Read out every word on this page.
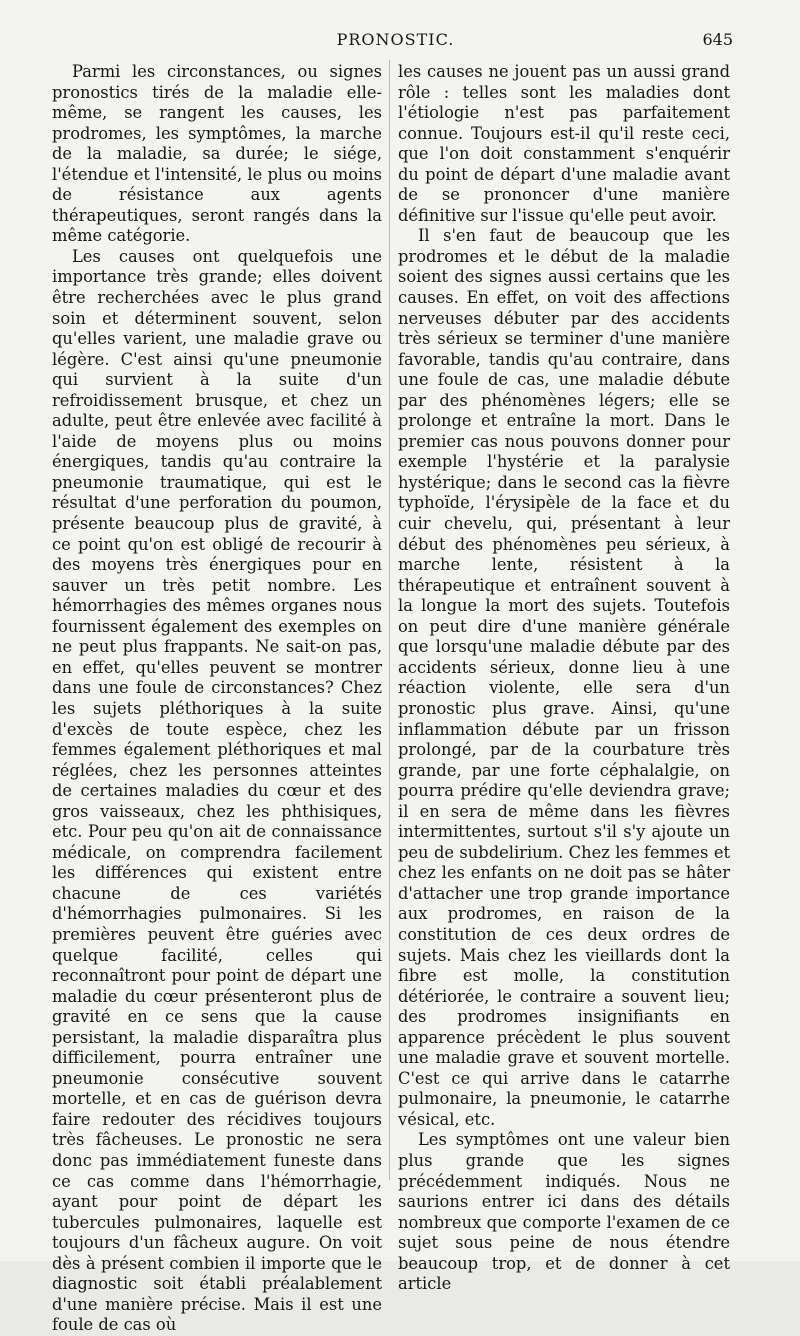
PRONOSTIC.	645

Parmi les circonstances, ou signes pronostics tirés de la maladie elle-même, se rangent les causes, les prodromes, les symptômes, la marche de la maladie, sa durée; le siége, l'étendue et l'intensité, le plus ou moins de résistance aux agents thérapeutiques, seront rangés dans la même catégorie.

Les causes ont quelquefois une importance très grande; elles doivent être recherchées avec le plus grand soin et déterminent souvent, selon qu'elles varient, une maladie grave ou légère. C'est ainsi qu'une pneumonie qui survient à la suite d'un refroidissement brusque, et chez un adulte, peut être enlevée avec facilité à l'aide de moyens plus ou moins énergiques, tandis qu'au contraire la pneumonie traumatique, qui est le résultat d'une perforation du poumon, présente beaucoup plus de gravité, à ce point qu'on est obligé de recourir à des moyens très énergiques pour en sauver un très petit nombre. Les hémorrhagies des mêmes organes nous fournissent également des exemples on ne peut plus frappants. Ne sait-on pas, en effet, qu'elles peuvent se montrer dans une foule de circonstances? Chez les sujets pléthoriques à la suite d'excès de toute espèce, chez les femmes également pléthoriques et mal réglées, chez les personnes atteintes de certaines maladies du cœur et des gros vaisseaux, chez les phthisiques, etc. Pour peu qu'on ait de connaissance médicale, on comprendra facilement les différences qui existent entre chacune de ces variétés d'hémorrhagies pulmonaires. Si les premières peuvent être guéries avec quelque facilité, celles qui reconnaîtront pour point de départ une maladie du cœur présenteront plus de gravité en ce sens que la cause persistant, la maladie disparaîtra plus difficilement, pourra entraîner une pneumonie consécutive souvent mortelle, et en cas de guérison devra faire redouter des récidives toujours très fâcheuses. Le pronostic ne sera donc pas immédiatement funeste dans ce cas comme dans l'hémorrhagie, ayant pour point de départ les tubercules pulmonaires, laquelle est toujours d'un fâcheux augure. On voit dès à présent combien il importe que le diagnostic soit établi préalablement d'une manière précise. Mais il est une foule de cas où

les causes ne jouent pas un aussi grand rôle : telles sont les maladies dont l'étiologie n'est pas parfaitement connue. Toujours est-il qu'il reste ceci, que l'on doit constamment s'enquérir du point de départ d'une maladie avant de se prononcer d'une manière définitive sur l'issue qu'elle peut avoir.

Il s'en faut de beaucoup que les prodromes et le début de la maladie soient des signes aussi certains que les causes. En effet, on voit des affections nerveuses débuter par des accidents très sérieux se terminer d'une manière favorable, tandis qu'au contraire, dans une foule de cas, une maladie débute par des phénomènes légers; elle se prolonge et entraîne la mort. Dans le premier cas nous pouvons donner pour exemple l'hystérie et la paralysie hystérique; dans le second cas la fièvre typhoïde, l'érysipèle de la face et du cuir chevelu, qui, présentant à leur début des phénomènes peu sérieux, à marche lente, résistent à la thérapeutique et entraînent souvent à la longue la mort des sujets. Toutefois on peut dire d'une manière générale que lorsqu'une maladie débute par des accidents sérieux, donne lieu à une réaction violente, elle sera d'un pronostic plus grave. Ainsi, qu'une inflammation débute par un frisson prolongé, par de la courbature très grande, par une forte céphalalgie, on pourra prédire qu'elle deviendra grave; il en sera de même dans les fièvres intermittentes, surtout s'il s'y ajoute un peu de subdelirium. Chez les femmes et chez les enfants on ne doit pas se hâter d'attacher une trop grande importance aux prodromes, en raison de la constitution de ces deux ordres de sujets. Mais chez les vieillards dont la fibre est molle, la constitution détériorée, le contraire a souvent lieu; des prodromes insignifiants en apparence précèdent le plus souvent une maladie grave et souvent mortelle. C'est ce qui arrive dans le catarrhe pulmonaire, la pneumonie, le catarrhe vésical, etc.

Les symptômes ont une valeur bien plus grande que les signes précédemment indiqués. Nous ne saurions entrer ici dans des détails nombreux que comporte l'examen de ce sujet sous peine de nous étendre beaucoup trop, et de donner à cet article
